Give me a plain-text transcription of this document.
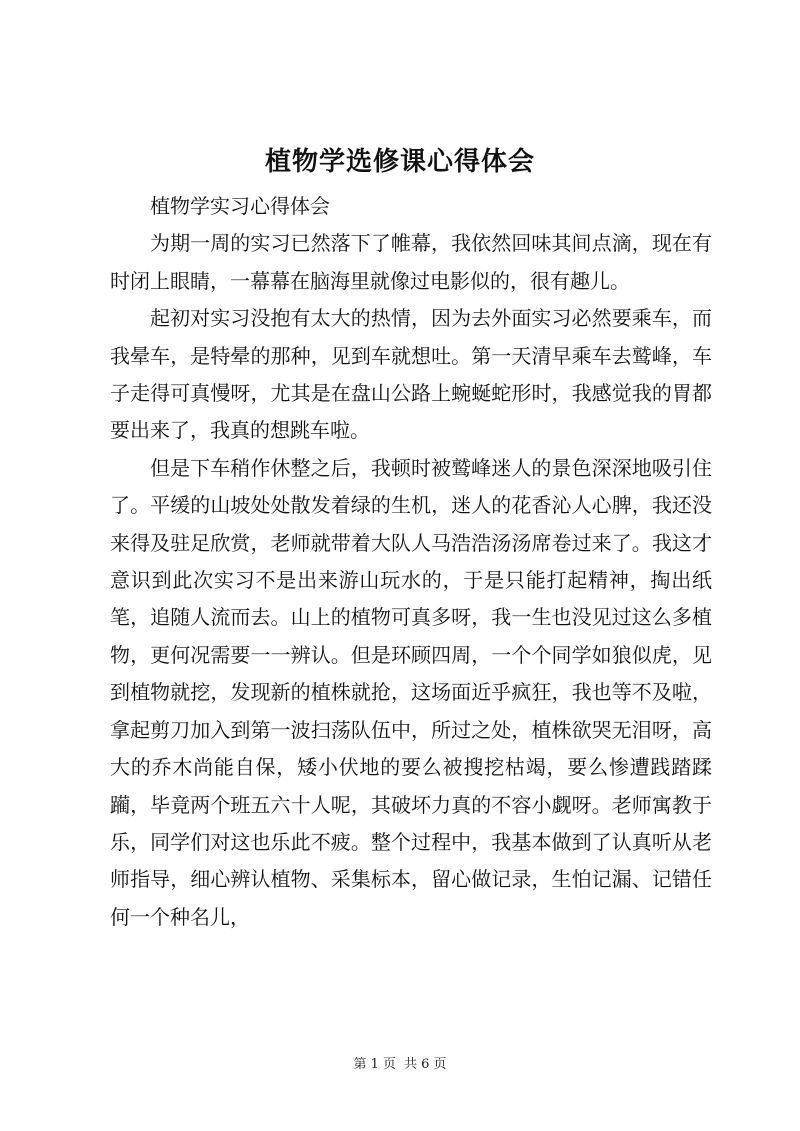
植物学选修课心得体会

植物学实习心得体会

为期一周的实习已然落下了帷幕，我依然回味其间点滴，现在有时闭上眼睛，一幕幕在脑海里就像过电影似的，很有趣儿。

起初对实习没抱有太大的热情，因为去外面实习必然要乘车，而我晕车，是特晕的那种，见到车就想吐。第一天清早乘车去鹫峰，车子走得可真慢呀，尤其是在盘山公路上蜿蜒蛇形时，我感觉我的胃都要出来了，我真的想跳车啦。

但是下车稍作休整之后，我顿时被鹫峰迷人的景色深深地吸引住了。平缓的山坡处处散发着绿的生机，迷人的花香沁人心脾，我还没来得及驻足欣赏，老师就带着大队人马浩浩汤汤席卷过来了。我这才意识到此次实习不是出来游山玩水的，于是只能打起精神，掏出纸笔，追随人流而去。山上的植物可真多呀，我一生也没见过这么多植物，更何况需要一一辨认。但是环顾四周，一个个同学如狼似虎，见到植物就挖，发现新的植株就抢，这场面近乎疯狂，我也等不及啦，拿起剪刀加入到第一波扫荡队伍中，所过之处，植株欲哭无泪呀，高大的乔木尚能自保，矮小伏地的要么被搜挖枯竭，要么惨遭践踏蹂躏，毕竟两个班五六十人呢，其破坏力真的不容小觑呀。老师寓教于乐，同学们对这也乐此不疲。整个过程中，我基本做到了认真听从老师指导，细心辨认植物、采集标本，留心做记录，生怕记漏、记错任何一个种名儿，

第 1 页 共 6 页
